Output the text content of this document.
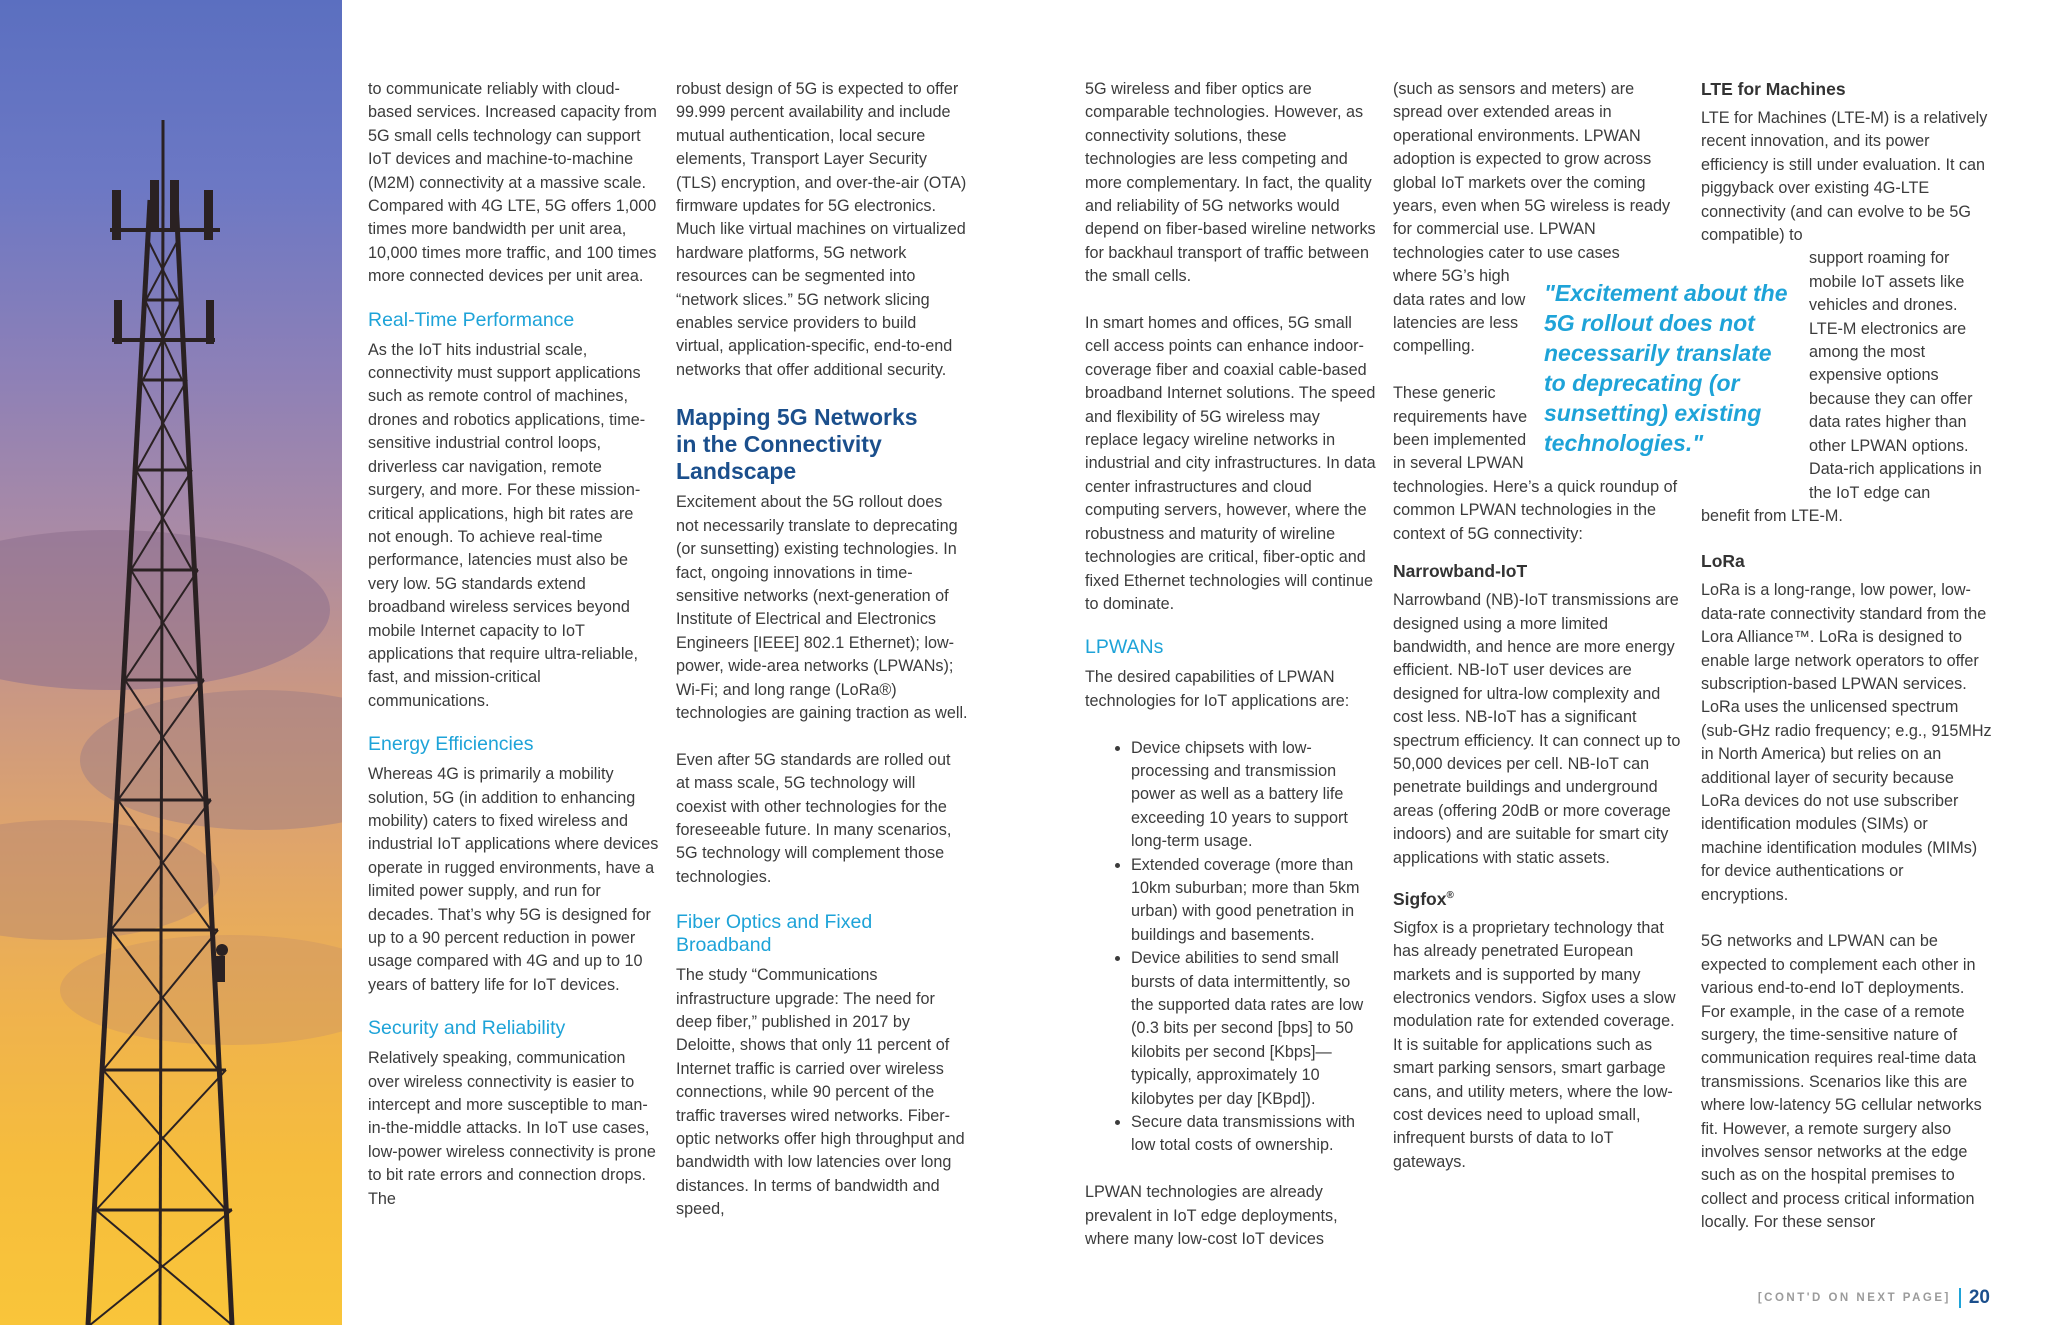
to communicate reliably with cloud-based services. Increased capacity from 5G small cells technology can support IoT devices and machine-to-machine (M2M) connectivity at a massive scale. Compared with 4G LTE, 5G offers 1,000 times more bandwidth per unit area, 10,000 times more traffic, and 100 times more connected devices per unit area.

Real-Time Performance

As the IoT hits industrial scale, connectivity must support applications such as remote control of machines, drones and robotics applications, time-sensitive industrial control loops, driverless car navigation, remote surgery, and more. For these mission-critical applications, high bit rates are not enough. To achieve real-time performance, latencies must also be very low. 5G standards extend broadband wireless services beyond mobile Internet capacity to IoT applications that require ultra-reliable, fast, and mission-critical communications.

Energy Efficiencies

Whereas 4G is primarily a mobility solution, 5G (in addition to enhancing mobility) caters to fixed wireless and industrial IoT applications where devices operate in rugged environments, have a limited power supply, and run for decades. That’s why 5G is designed for up to a 90 percent reduction in power usage compared with 4G and up to 10 years of battery life for IoT devices.

Security and Reliability

Relatively speaking, communication over wireless connectivity is easier to intercept and more susceptible to man-in-the-middle attacks. In IoT use cases, low-power wireless connectivity is prone to bit rate errors and connection drops. The

robust design of 5G is expected to offer 99.999 percent availability and include mutual authentication, local secure elements, Transport Layer Security (TLS) encryption, and over-the-air (OTA) firmware updates for 5G electronics. Much like virtual machines on virtualized hardware platforms, 5G network resources can be segmented into “network slices.” 5G network slicing enables service providers to build virtual, application-specific, end-to-end networks that offer additional security.

Mapping 5G Networks in the Connectivity Landscape

Excitement about the 5G rollout does not necessarily translate to deprecating (or sunsetting) existing technologies. In fact, ongoing innovations in time-sensitive networks (next-generation of Institute of Electrical and Electronics Engineers [IEEE] 802.1 Ethernet); low-power, wide-area networks (LPWANs); Wi-Fi; and long range (LoRa®) technologies are gaining traction as well.

Even after 5G standards are rolled out at mass scale, 5G technology will coexist with other technologies for the foreseeable future. In many scenarios, 5G technology will complement those technologies.

Fiber Optics and Fixed Broadband

The study “Communications infrastructure upgrade: The need for deep fiber,” published in 2017 by Deloitte, shows that only 11 percent of Internet traffic is carried over wireless connections, while 90 percent of the traffic traverses wired networks. Fiber-optic networks offer high throughput and bandwidth with low latencies over long distances. In terms of bandwidth and speed,

5G wireless and fiber optics are comparable technologies. However, as connectivity solutions, these technologies are less competing and more complementary. In fact, the quality and reliability of 5G networks would depend on fiber-based wireline networks for backhaul transport of traffic between the small cells.

In smart homes and offices, 5G small cell access points can enhance indoor-coverage fiber and coaxial cable-based broadband Internet solutions. The speed and flexibility of 5G wireless may replace legacy wireline networks in industrial and city infrastructures. In data center infrastructures and cloud computing servers, however, where the robustness and maturity of wireline technologies are critical, fiber-optic and fixed Ethernet technologies will continue to dominate.

LPWANs

The desired capabilities of LPWAN technologies for IoT applications are:

• Device chipsets with low-processing and transmission power as well as a battery life exceeding 10 years to support long-term usage.
• Extended coverage (more than 10km suburban; more than 5km urban) with good penetration in buildings and basements.
• Device abilities to send small bursts of data intermittently, so the supported data rates are low (0.3 bits per second [bps] to 50 kilobits per second [Kbps]—typically, approximately 10 kilobytes per day [KBpd]).
• Secure data transmissions with low total costs of ownership.

LPWAN technologies are already prevalent in IoT edge deployments, where many low-cost IoT devices

(such as sensors and meters) are spread over extended areas in operational environments. LPWAN adoption is expected to grow across global IoT markets over the coming years, even when 5G wireless is ready for commercial use. LPWAN technologies cater to use cases

where 5G’s high data rates and low latencies are less compelling.

These generic requirements have been implemented in several LPWAN

technologies. Here’s a quick roundup of common LPWAN technologies in the context of 5G connectivity:

Narrowband-IoT

Narrowband (NB)-IoT transmissions are designed using a more limited bandwidth, and hence are more energy efficient. NB-IoT user devices are designed for ultra-low complexity and cost less. NB-IoT has a significant spectrum efficiency. It can connect up to 50,000 devices per cell. NB-IoT can penetrate buildings and underground areas (offering 20dB or more coverage indoors) and are suitable for smart city applications with static assets.

Sigfox®

Sigfox is a proprietary technology that has already penetrated European markets and is supported by many electronics vendors. Sigfox uses a slow modulation rate for extended coverage. It is suitable for applications such as smart parking sensors, smart garbage cans, and utility meters, where the low-cost devices need to upload small, infrequent bursts of data to IoT gateways.

"Excitement about the 5G rollout does not necessarily translate to deprecating (or sunsetting) existing technologies."
LTE for Machines

LTE for Machines (LTE-M) is a relatively recent innovation, and its power efficiency is still under evaluation. It can piggyback over existing 4G-LTE connectivity (and can evolve to be 5G compatible) to

support roaming for mobile IoT assets like vehicles and drones. LTE-M electronics are among the most expensive options because they can offer data rates higher than other LPWAN options. Data-rich applications in the IoT edge can

benefit from LTE-M.

LoRa

LoRa is a long-range, low power, low-data-rate connectivity standard from the Lora Alliance™. LoRa is designed to enable large network operators to offer subscription-based LPWAN services. LoRa uses the unlicensed spectrum (sub-GHz radio frequency; e.g., 915MHz in North America) but relies on an additional layer of security because LoRa devices do not use subscriber identification modules (SIMs) or machine identification modules (MIMs) for device authentications or encryptions.

5G networks and LPWAN can be expected to complement each other in various end-to-end IoT deployments. For example, in the case of a remote surgery, the time-sensitive nature of communication requires real-time data transmissions. Scenarios like this are where low-latency 5G cellular networks fit. However, a remote surgery also involves sensor networks at the edge such as on the hospital premises to collect and process critical information locally. For these sensor

[CONT'D ON NEXT PAGE] 20
